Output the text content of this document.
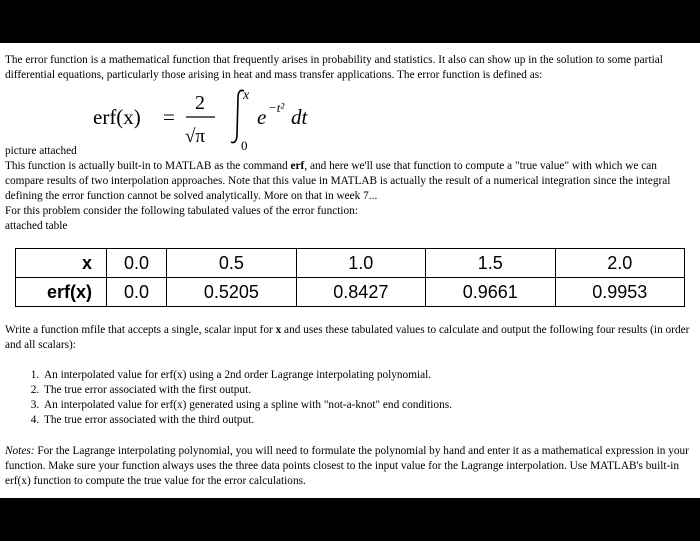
The error function is a mathematical function that frequently arises in probability and statistics. It also can show up in the solution to some partial differential equations, particularly those arising in heat and mass transfer applications. The error function is defined as:

erf(x) =
2
√π
x
0
e −t² dt
picture attached

This function is actually built-in to MATLAB as the command erf, and here we'll use that function to compute a "true value" with which we can compare results of two interpolation approaches. Note that this value in MATLAB is actually the result of a numerical integration since the integral defining the error function cannot be solved analytically. More on that in week 7...

For this problem consider the following tabulated values of the error function:
attached table
x	0.0	0.5	1.0	1.5	2.0
erf(x)	0.0	0.5205	0.8427	0.9661	0.9953

Write a function mfile that accepts a single, scalar input for x and uses these tabulated values to calculate and output the following four results (in order and all scalars):

1. An interpolated value for erf(x) using a 2nd order Lagrange interpolating polynomial.
2. The true error associated with the first output.
3. An interpolated value for erf(x) generated using a spline with "not-a-knot" end conditions.
4. The true error associated with the third output.

Notes: For the Lagrange interpolating polynomial, you will need to formulate the polynomial by hand and enter it as a mathematical expression in your function. Make sure your function always uses the three data points closest to the input value for the Lagrange interpolation. Use MATLAB's built-in erf(x) function to compute the true value for the error calculations.
